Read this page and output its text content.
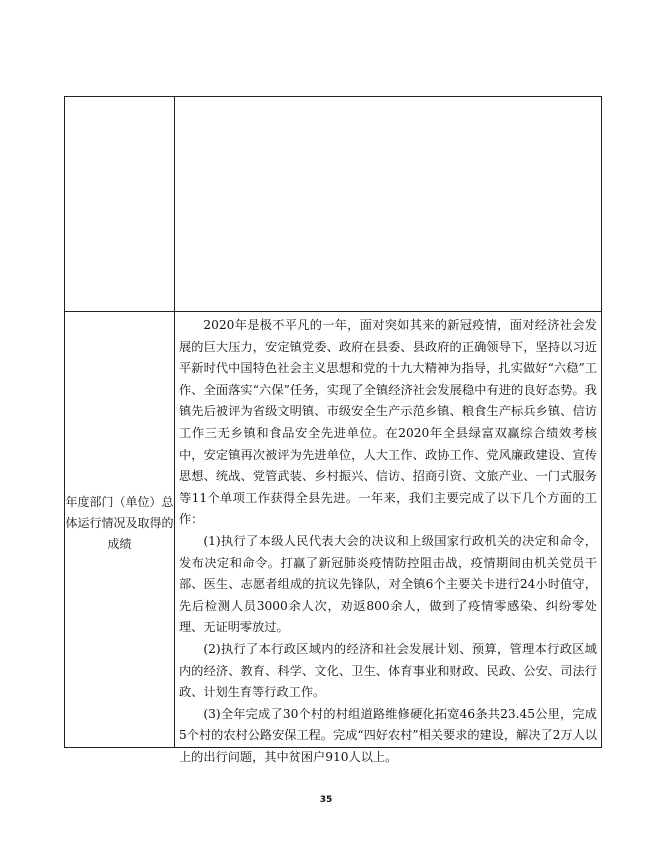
年度部门（单位）总体运行情况及取得的成绩

2020年是极不平凡的一年，面对突如其来的新冠疫情，面对经济社会发展的巨大压力，安定镇党委、政府在县委、县政府的正确领导下，坚持以习近平新时代中国特色社会主义思想和党的十九大精神为指导，扎实做好“六稳”工作、全面落实“六保”任务，实现了全镇经济社会发展稳中有进的良好态势。我镇先后被评为省级文明镇、市级安全生产示范乡镇、粮食生产标兵乡镇、信访工作三无乡镇和食品安全先进单位。在2020年全县绿富双赢综合绩效考核中，安定镇再次被评为先进单位，人大工作、政协工作、党风廉政建设、宣传思想、统战、党管武装、乡村振兴、信访、招商引资、文旅产业、一门式服务等11个单项工作获得全县先进。一年来，我们主要完成了以下几个方面的工作：

(1)执行了本级人民代表大会的决议和上级国家行政机关的决定和命令，发布决定和命令。打赢了新冠肺炎疫情防控阻击战，疫情期间由机关党员干部、医生、志愿者组成的抗议先锋队，对全镇6个主要关卡进行24小时值守，先后检测人员3000余人次，劝返800余人，做到了疫情零感染、纠纷零处理、无证明零放过。

(2)执行了本行政区域内的经济和社会发展计划、预算，管理本行政区域内的经济、教育、科学、文化、卫生、体育事业和财政、民政、公安、司法行政、计划生育等行政工作。

(3)全年完成了30个村的村组道路维修硬化拓宽46条共23.45公里，完成5个村的农村公路安保工程。完成“四好农村”相关要求的建设，解决了2万人以上的出行问题，其中贫困户910人以上。

35
